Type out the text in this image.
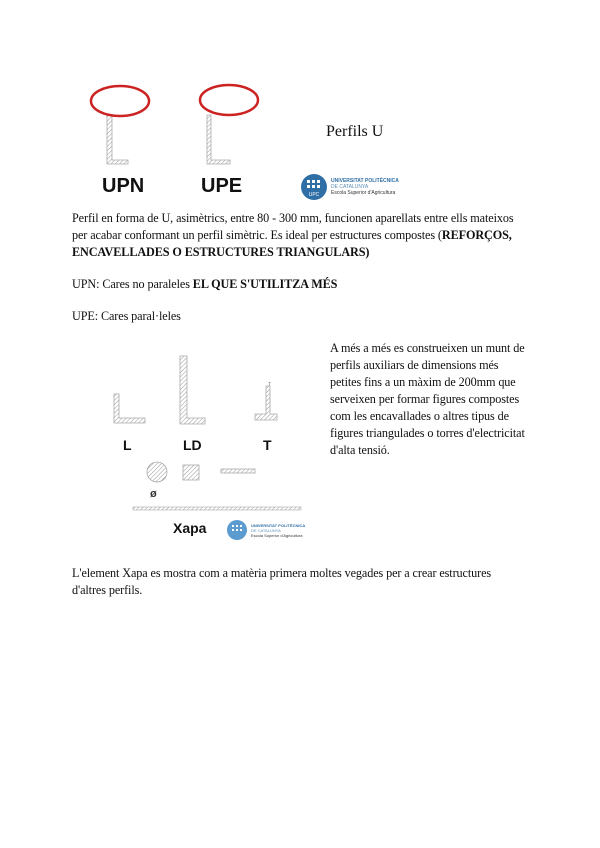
UPN	UPE
Perfils U
UPC
UNIVERSITAT POLITÈCNICA
DE CATALUNYA
Escola Superior d'Agricultura
Perfil en forma de U, asimètrics, entre 80 - 300 mm, funcionen aparellats entre ells mateixos per acabar conformant un perfil simètric. Es ideal per estructures compostes (REFORÇOS, ENCAVELLADES O ESTRUCTURES TRIANGULARS)
UPN: Cares no paraleles EL QUE S'UTILITZA MÉS
UPE: Cares paral·leles
T
ø
L	LD	T
Xapa	UNIVERSITAT POLITÈCNICA
DE CATALUNYA
Escola Superior d'Agricultura
A més a més es construeixen un munt de perfils auxiliars de dimensions més petites fins a un màxim de 200mm que serveixen per formar figures compostes com les encavallades o altres tipus de figures triangulades o torres d'electricitat d'alta tensió.
L'element Xapa es mostra com a matèria primera moltes vegades per a crear estructures d'altres perfils.
